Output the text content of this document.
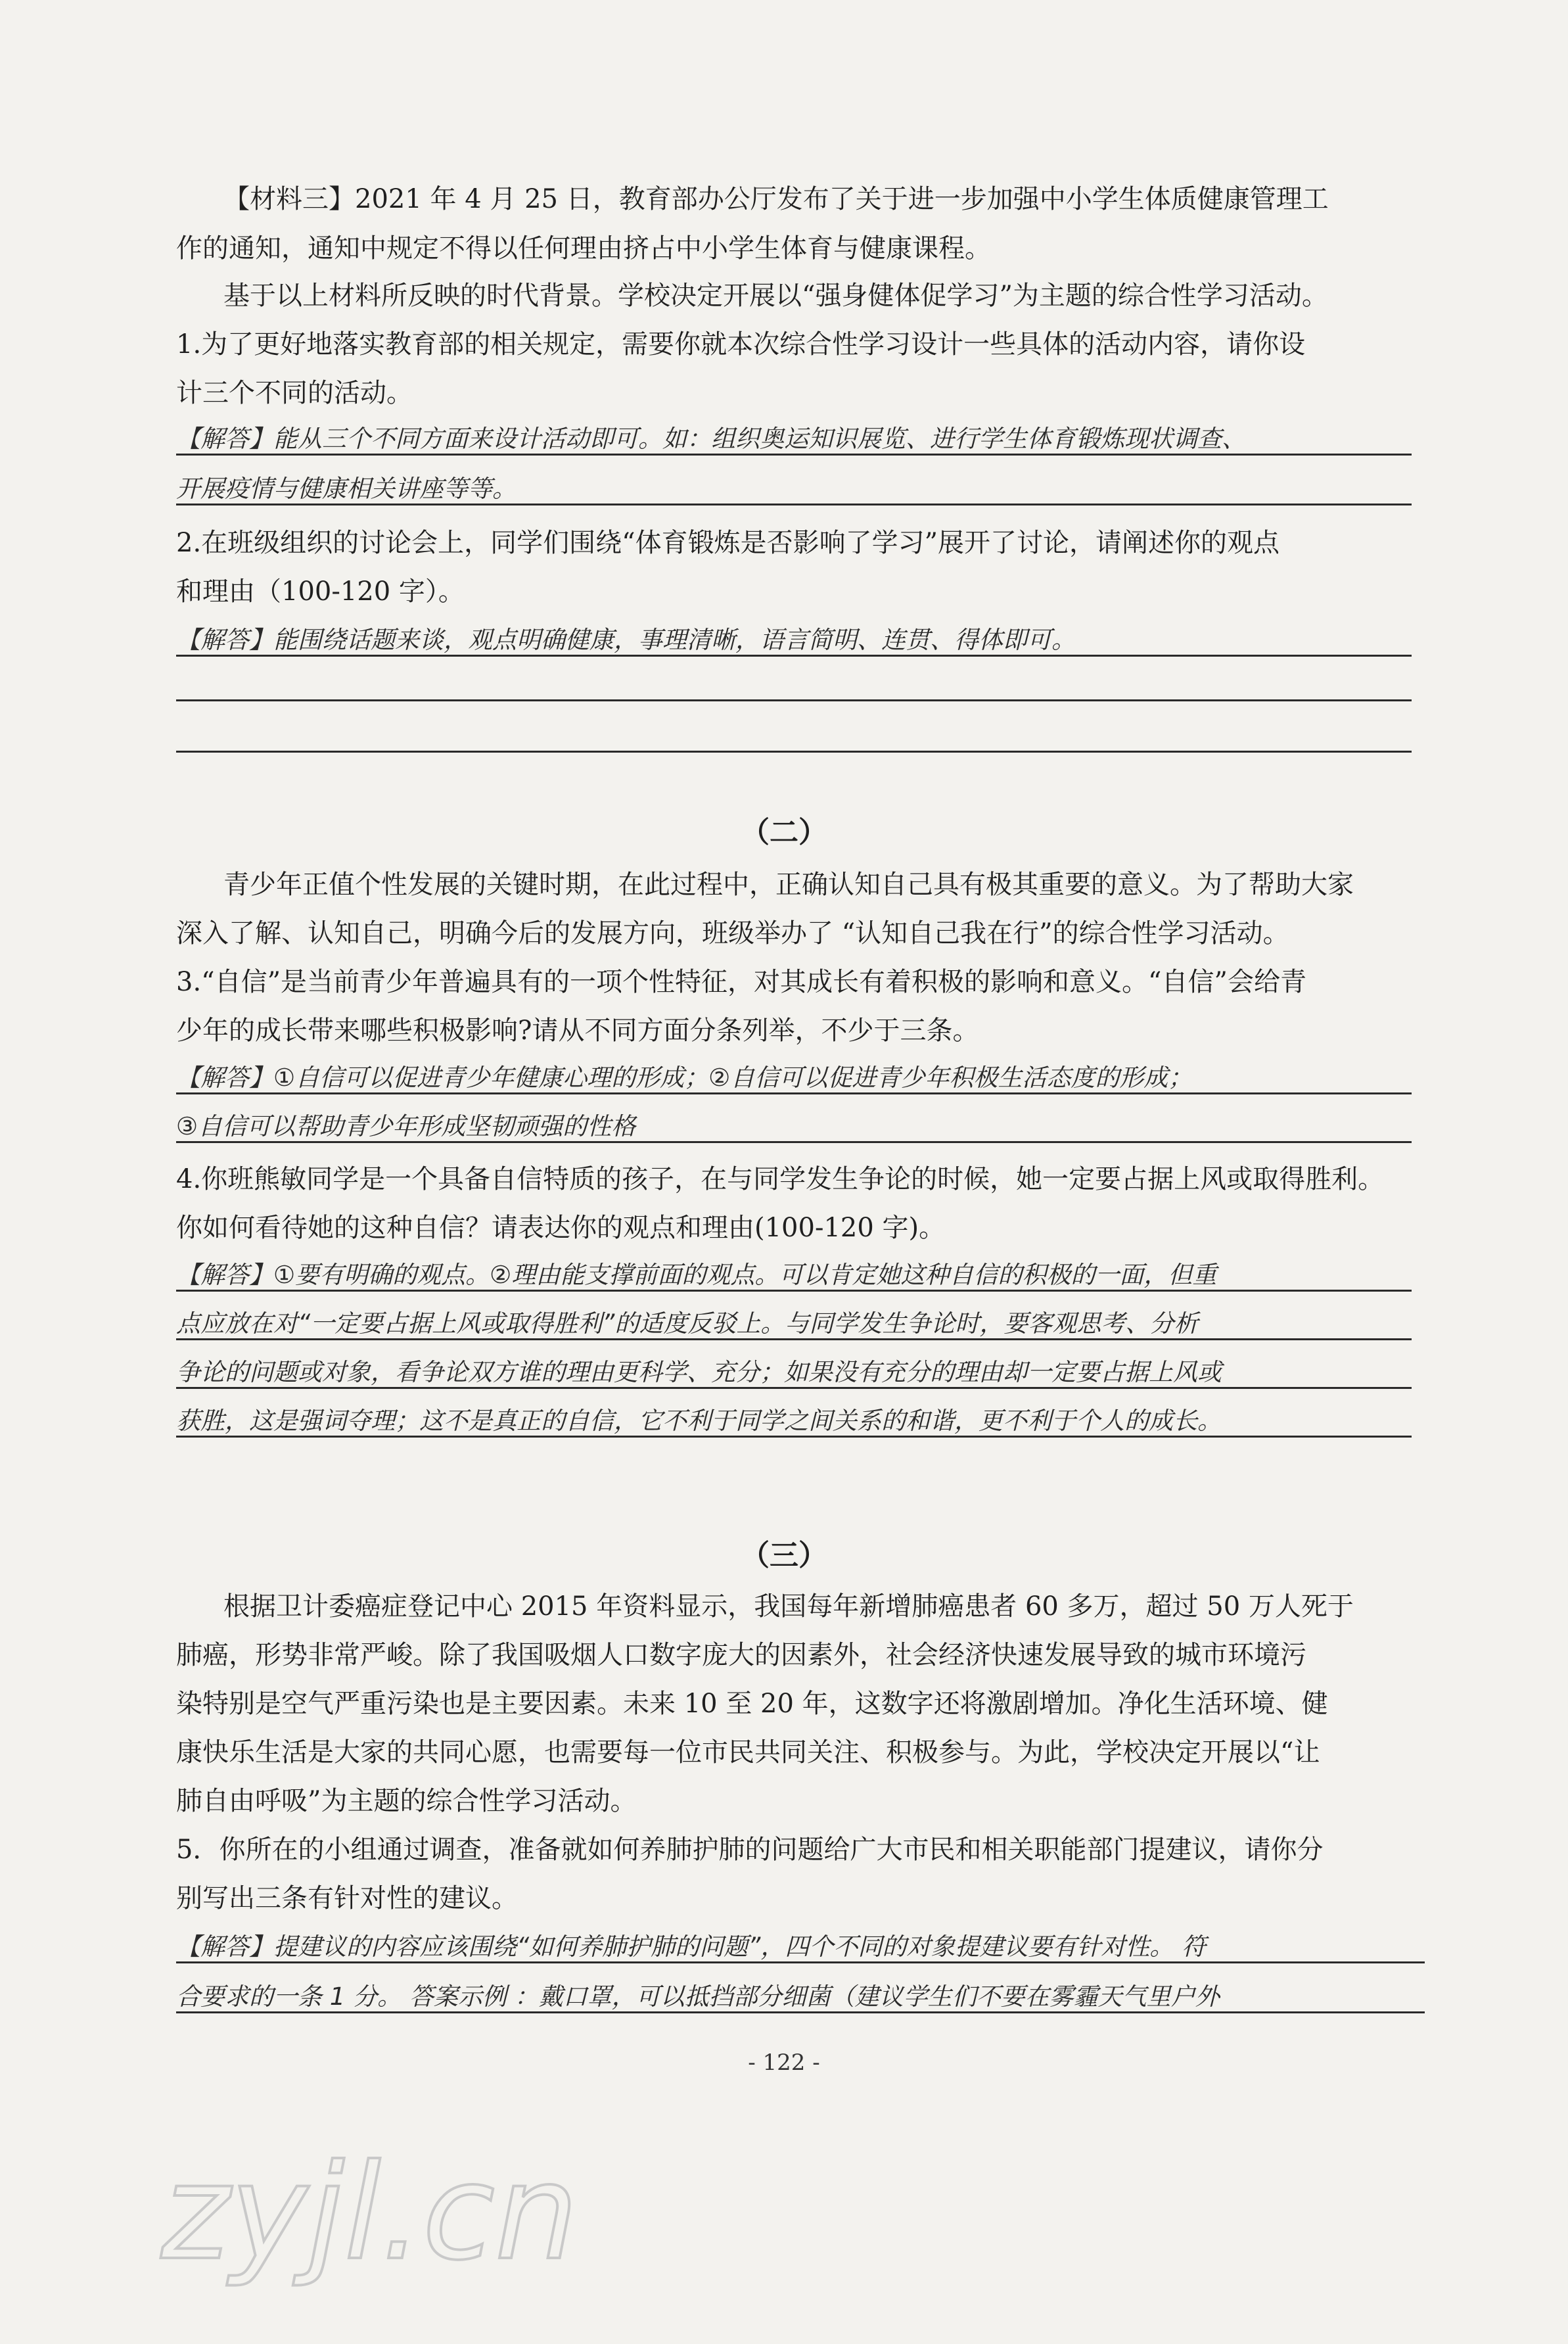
【材料三】2021 年 4 月 25 日，教育部办公厅发布了关于进一步加强中小学生体质健康管理工
作的通知，通知中规定不得以任何理由挤占中小学生体育与健康课程。
基于以上材料所反映的时代背景。学校决定开展以“强身健体促学习”为主题的综合性学习活动。
1.为了更好地落实教育部的相关规定，需要你就本次综合性学习设计一些具体的活动内容，请你设
计三个不同的活动。
【解答】能从三个不同方面来设计活动即可。如：组织奥运知识展览、进行学生体育锻炼现状调查、
开展疫情与健康相关讲座等等。
2.在班级组织的讨论会上，同学们围绕“体育锻炼是否影响了学习”展开了讨论，请阐述你的观点
和理由（100-120 字）。
【解答】能围绕话题来谈，观点明确健康，事理清晰，语言简明、连贯、得体即可。
（二）
青少年正值个性发展的关键时期，在此过程中，正确认知自己具有极其重要的意义。为了帮助大家
深入了解、认知自己，明确今后的发展方向，班级举办了 “认知自己我在行”的综合性学习活动。
3.“自信”是当前青少年普遍具有的一项个性特征，对其成长有着积极的影响和意义。“自信”会给青
少年的成长带来哪些积极影响?请从不同方面分条列举，不少于三条。
【解答】①自信可以促进青少年健康心理的形成；②自信可以促进青少年积极生活态度的形成；
③自信可以帮助青少年形成坚韧顽强的性格
4.你班熊敏同学是一个具备自信特质的孩子，在与同学发生争论的时候，她一定要占据上风或取得胜利。
你如何看待她的这种自信？请表达你的观点和理由(100-120 字)。
【解答】①要有明确的观点。②理由能支撑前面的观点。可以肯定她这种自信的积极的一面，但重
点应放在对“一定要占据上风或取得胜利”的适度反驳上。与同学发生争论时，要客观思考、分析
争论的问题或对象，看争论双方谁的理由更科学、充分；如果没有充分的理由却一定要占据上风或
获胜，这是强词夺理；这不是真正的自信，它不利于同学之间关系的和谐，更不利于个人的成长。
（三）
根据卫计委癌症登记中心 2015 年资料显示，我国每年新增肺癌患者 60 多万，超过 50 万人死于
肺癌，形势非常严峻。除了我国吸烟人口数字庞大的因素外，社会经济快速发展导致的城市环境污
染特别是空气严重污染也是主要因素。未来 10 至 20 年，这数字还将激剧增加。净化生活环境、健
康快乐生活是大家的共同心愿，也需要每一位市民共同关注、积极参与。为此，学校决定开展以“让
肺自由呼吸”为主题的综合性学习活动。
5．你所在的小组通过调查，准备就如何养肺护肺的问题给广大市民和相关职能部门提建议，请你分
别写出三条有针对性的建议。
【解答】提建议的内容应该围绕“如何养肺护肺的问题”，四个不同的对象提建议要有针对性。 符
合要求的一条 1 分。 答案示例 ：戴口罩，可以抵挡部分细菌（建议学生们不要在雾霾天气里户外
- 122 -
zyjl.cn
